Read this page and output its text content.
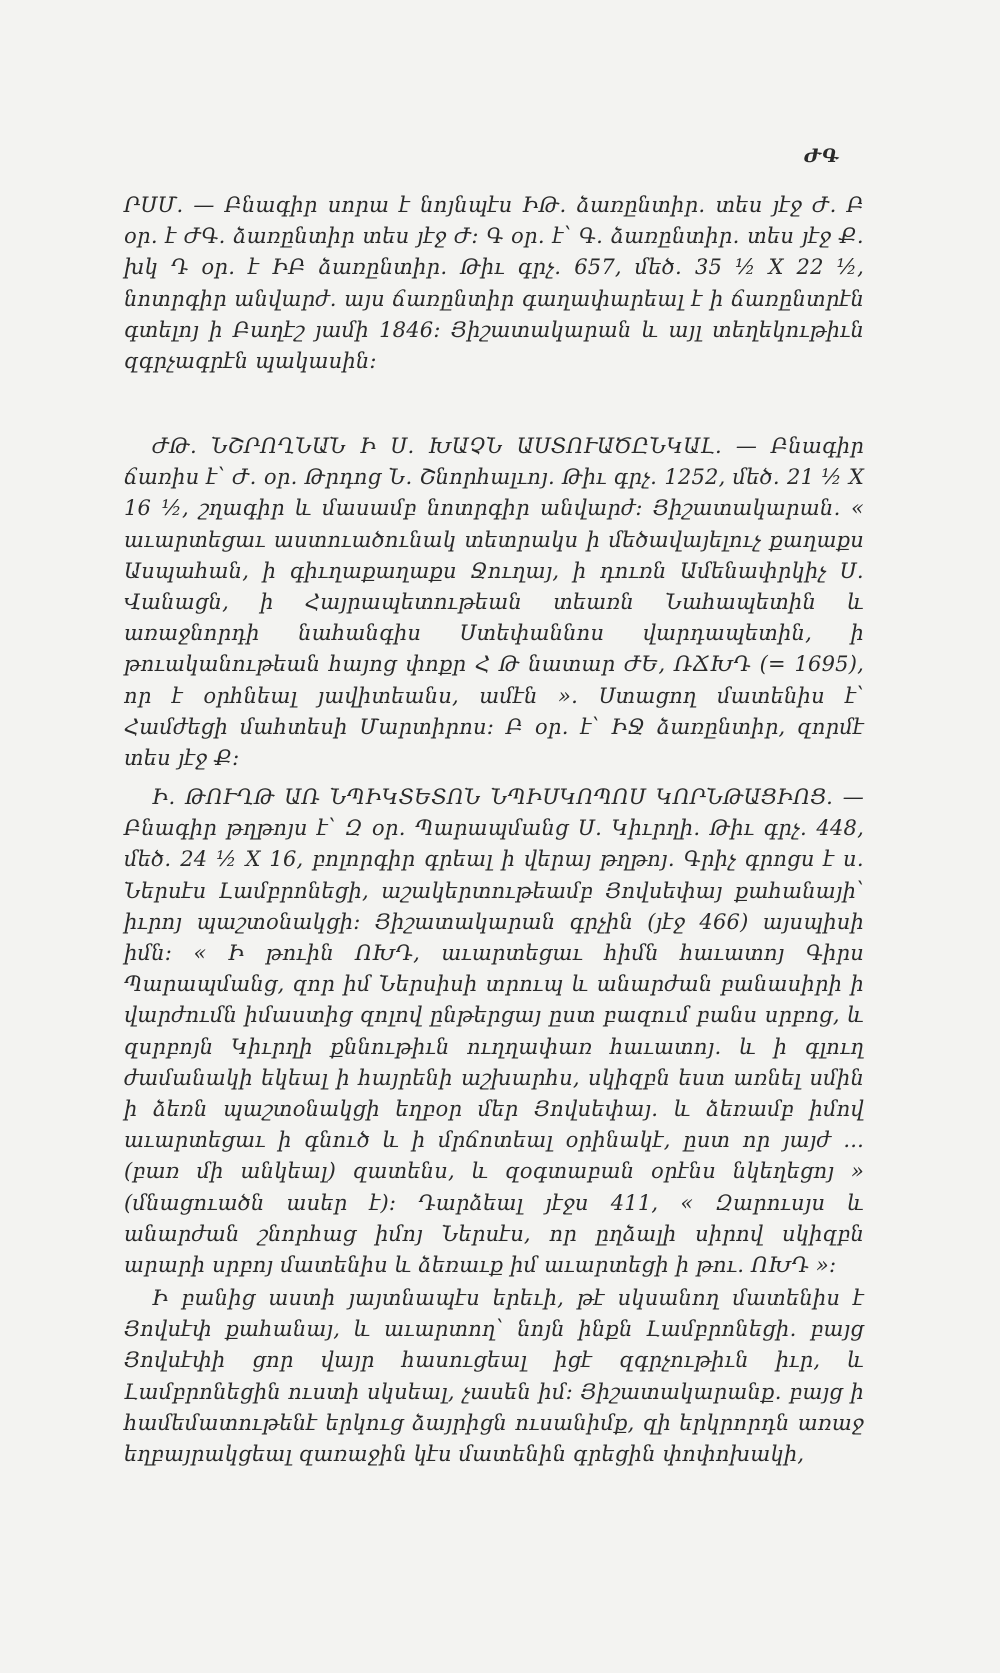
ԺԳ

ՐՍՄ. — Բնագիր սորա է նոյնպէս ԻԹ․ ձառընտիր․ տես յէջ Ժ․ Բ օր․ է ԺԳ․ ձառընտիր տես յէջ Ժ։ Գ օր․ է՝ Գ․ ձառընտիր․ տես յէջ Ք․ խկ Դ օր․ է ԻԲ ձառընտիր․ Թիւ գրչ․ 657, մեծ․ 35 ½ X 22 ½, նոտրգիր անվարժ․ այս ճառընտիր գաղափարեալ է ի ճառընտրէն գտելոյ ի Բաղէշ յամի 1846։ Յիշատակարան և այլ տեղեկութիւն զգրչագրէն պակասին։

ԺԹ․ ՆՇՐՈՂՆԱՆ Ի Ս․ ԽԱՉՆ ԱՍՏՈՒԱԾԸՆԿԱԼ. — Բնագիր ճառիս է՝ Ժ․ օր․ Թրդոց Ն․ Շնորհալւոյ․ Թիւ գրչ․ 1252, մեծ․ 21 ½ X 16 ½, շղագիր և մասամբ նոտրգիր անվարժ։ Յիշատակարան․ « աւարտեցաւ աստուածունակ տետրակս ի մեծավայելուչ քաղաքս Ասպահան, ի գիւղաքաղաքս Ջուղայ, ի դուռն Ամենափրկիչ Ս․ Վանացն, ի Հայրապետութեան տեառն Նահապետին և առաջնորդի նահանգիս Ստեփաննոս վարդապետին, ի թուականութեան հայոց փոքր Հ Թ նատար ԺԵ, ՌՃԽԴ (= 1695), որ է օրհնեալ յավիտեանս, ամէն »․ Ստացող մատենիս է՝ Համժեցի մահտեսի Մարտիրոս։ Բ օր․ է՝ ԻՋ ձառընտիր, զորմէ տես յէջ Ք։

Ի․ ԹՈՒՂԹ ԱՌ ՆՊԻԿՏԵՏՈՆ ՆՊԻՍԿՈՊՈՍ ԿՈՐՆԹԱՑԻՈՑ. — Բնագիր թղթոյս է՝ Զ օր․ Պարապմանց Ս․ Կիւրղի․ Թիւ գրչ․ 448, մեծ․ 24 ½ X 16, բոլորգիր գրեալ ի վերայ թղթոյ․ Գրիչ գրոցս է ս․ Ներսէս Լամբրոնեցի, աշակերտութեամբ Յովսեփայ քահանայի՝ իւրոյ պաշտօնակցի։ Յիշատակարան գրչին (յէջ 466) այսպիսի իմն։ « Ի թուին ՈԽԴ, աւարտեցաւ հիմն հաւատոյ Գիրս Պարապմանց, զոր իմ Ներսիսի տրուպ և անարժան բանասիրի ի վարժումն իմաստից զոլով ընթերցայ ըստ բազում բանս սրբոց, և զսրբոյն Կիւրղի քննութիւն ուղղափառ հաւատոյ․ և ի գլուղ ժամանակի եկեալ ի հայրենի աշխարհս, սկիզբն եստ առնել սմին ի ձեռն պաշտօնակցի եղբօր մեր Յովսեփայ․ և ձեռամբ իմով աւարտեցաւ ի գնուծ և ի մրճոտեալ օրինակէ, ըստ որ յայժ ... (բառ մի անկեալ) զատենս, և զօգտաբան օրէնս նկեղեցոյ » (մնացուածն ասեր է)։ Դարձեալ յէջս 411, « Զարուսյս և անարժան շնորհաց իմոյ Ներսէս, որ ըղձալի սիրով սկիզբն արարի սրբոյ մատենիս և ձեռաւք իմ աւարտեցի ի թու․ ՈԽԴ »։

Ի բանից աստի յայտնապէս երեւի, թէ սկսանող մատենիս է Յովսէփ քահանայ, և աւարտող՝ նոյն ինքն Լամբրոնեցի․ բայց Յովսէփի ցոր վայր հասուցեալ իցէ զգրչութիւն իւր, և Լամբրոնեցին ուստի սկսեալ, չասեն իմ։ Յիշատակարանք․ բայց ի համեմատութենէ երկուց ձայրիցն ուսանիմք, զի երկրորդն առաջ եղբայրակցեալ զառաջին կէս մատենին գրեցին փոփոխակի,
